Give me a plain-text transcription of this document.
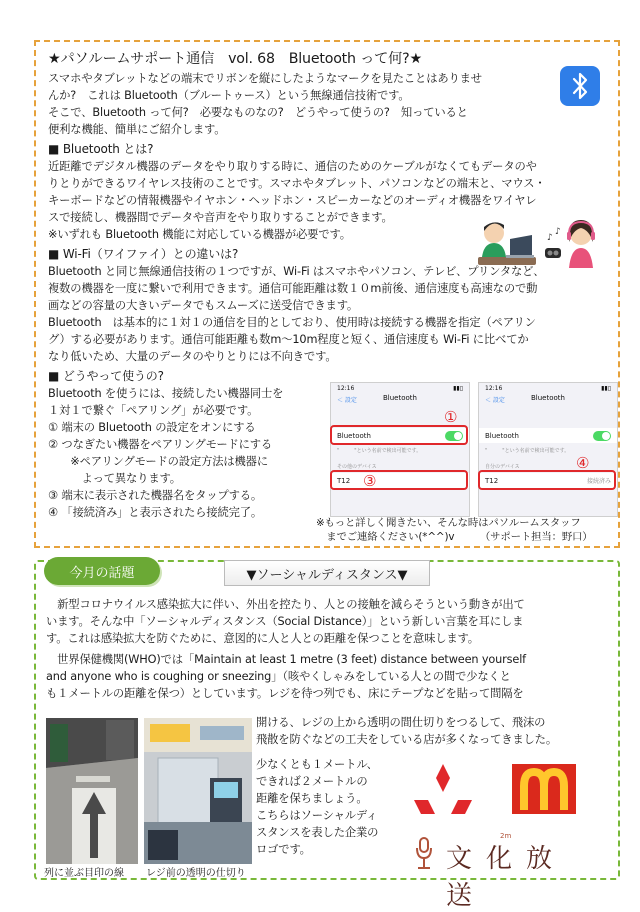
★パソルームサポート通信　vol. 68　Bluetooth って何?★

スマホやタブレットなどの端末でリボンを縦にしたようなマークを見たことはありませ

んか?　これは Bluetooth（ブルートゥース）という無線通信技術です。

そこで、Bluetooth って何?　必要なものなの?　どうやって使うの?　知っていると

便利な機能、簡単にご紹介します。

■ Bluetooth とは?

近距離でデジタル機器のデータをやり取りする時に、通信のためのケーブルがなくてもデータのや

りとりができるワイヤレス技術のことです。スマホやタブレット、パソコンなどの端末と、マウス・

キーボードなどの情報機器やイヤホン・ヘッドホン・スピーカーなどのオーディオ機器をワイヤレ

スで接続し、機器間でデータや音声をやり取りすることができます。

※いずれも Bluetooth 機能に対応している機器が必要です。

■ Wi-Fi（ワイファイ）との違いは?

Bluetooth と同じ無線通信技術の１つですが、Wi-Fi はスマホやパソコン、テレビ、プリンタなど、

複数の機器を一度に繋いで利用できます。通信可能距離は数１０m前後、通信速度も高速なので動

画などの容量の大きいデータでもスムーズに送受信できます。

Bluetooth　は基本的に１対１の通信を目的としており、使用時は接続する機器を指定（ペアリン

グ）する必要があります。通信可能距離も数m～10m程度と短く、通信速度も Wi-Fi に比べてか

なり低いため、大量のデータのやりとりには不向きです。

■ どうやって使うの?

Bluetooth を使うには、接続したい機器同士を

１対１で繋ぐ「ペアリング」が必要です。

① 端末の Bluetooth の設定をオンにする

② つなぎたい機器をペアリングモードにする

　　※ペアリングモードの設定方法は機器に

　　　よって異なります。

③ 端末に表示された機器名をタップする。

④ 「接続済み」と表示されたら接続完了。

♪
♪
12:16	▮▮▯
＜ 設定	Bluetooth
Bluetooth
"　　　"という名前で検出可能です。
その他のデバイス
T12
①
③
12:16	▮▮▯
＜ 設定	Bluetooth
Bluetooth
"　　　"という名前で検出可能です。
自分のデバイス
T12	接続済み
④

※もっと詳しく聞きたい、そんな時はパソルームスタッフ

　までご連絡ください(*^^)v　　　（サポート担当：野口）

今月の話題	▼ソーシャルディスタンス▼

　新型コロナウイルス感染拡大に伴い、外出を控たり、人との接触を減らそうという動きが出て

います。そんな中「ソーシャルディスタンス（Social Distance）」という新しい言葉を耳にしま

す。これは感染拡大を防ぐために、意図的に人と人との距離を保つことを意味します。

　世界保健機関(WHO)では「Maintain at least 1 metre (3 feet) distance between yourself

and anyone who is coughing or sneezing」（咳やくしゃみをしている人との間で少なくと

も１メートルの距離を保つ）としています。レジを待つ列でも、床にテープなどを貼って間隔を

開ける、レジの上から透明の間仕切りをつるして、飛沫の

飛散を防ぐなどの工夫をしている店が多くなってきました。

少なくとも１メートル、

できれば２メートルの

距離を保ちましょう。

こちらはソーシャルディ

スタンスを表した企業の

ロゴです。

列に並ぶ目印の線 レジ前の透明の仕切り	文化放送
2m
